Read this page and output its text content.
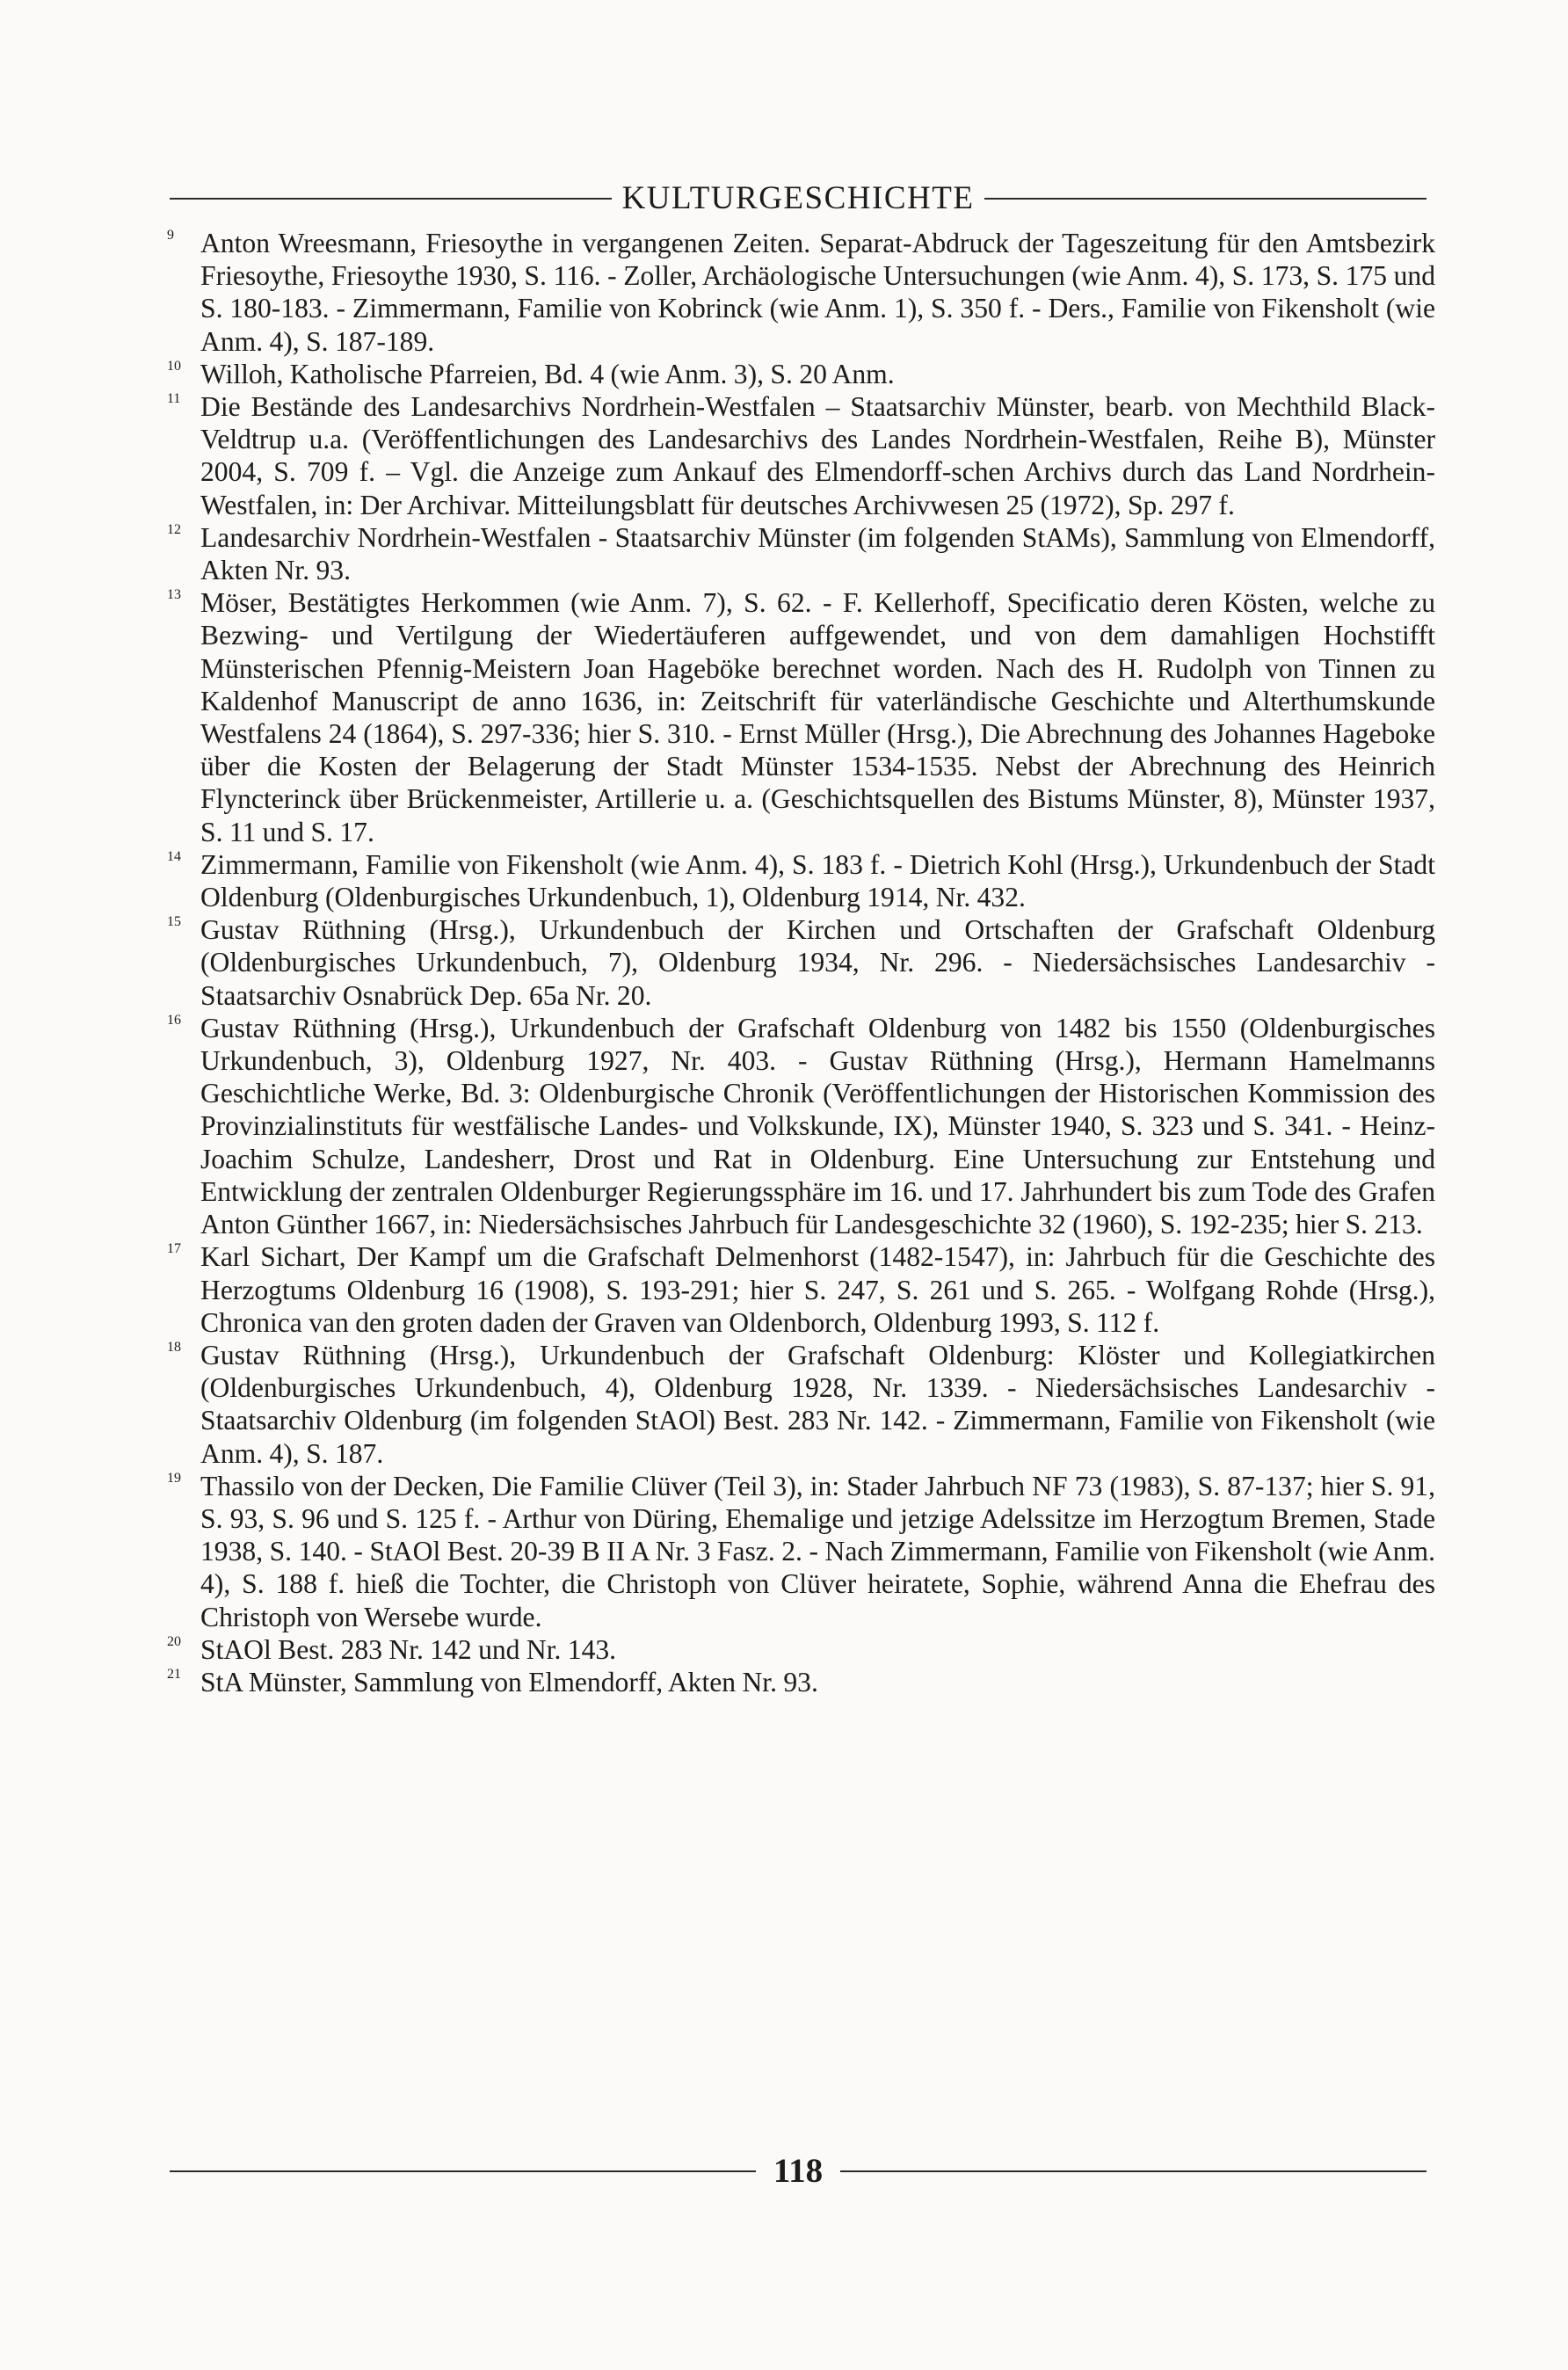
KULTURGESCHICHTE
9 Anton Wreesmann, Friesoythe in vergangenen Zeiten. Separat-Abdruck der Tageszeitung für den Amtsbezirk Friesoythe, Friesoythe 1930, S. 116. - Zoller, Archäologische Untersuchungen (wie Anm. 4), S. 173, S. 175 und S. 180-183. - Zimmermann, Familie von Kobrinck (wie Anm. 1), S. 350 f. - Ders., Familie von Fikensholt (wie Anm. 4), S. 187-189.
10 Willoh, Katholische Pfarreien, Bd. 4 (wie Anm. 3), S. 20 Anm.
11 Die Bestände des Landesarchivs Nordrhein-Westfalen – Staatsarchiv Münster, bearb. von Mechthild Black-Veldtrup u.a. (Veröffentlichungen des Landesarchivs des Landes Nordrhein-Westfalen, Reihe B), Münster 2004, S. 709 f. – Vgl. die Anzeige zum Ankauf des Elmendorff-schen Archivs durch das Land Nordrhein-Westfalen, in: Der Archivar. Mitteilungsblatt für deutsches Archivwesen 25 (1972), Sp. 297 f.
12 Landesarchiv Nordrhein-Westfalen - Staatsarchiv Münster (im folgenden StAMs), Sammlung von Elmendorff, Akten Nr. 93.
13 Möser, Bestätigtes Herkommen (wie Anm. 7), S. 62. - F. Kellerhoff, Specificatio deren Kösten, welche zu Bezwing- und Vertilgung der Wiedertäuferen auffgewendet, und von dem damahligen Hochstifft Münsterischen Pfennig-Meistern Joan Hageböke berechnet worden. Nach des H. Rudolph von Tinnen zu Kaldenhof Manuscript de anno 1636, in: Zeitschrift für vaterländische Geschichte und Alterthumskunde Westfalens 24 (1864), S. 297-336; hier S. 310. - Ernst Müller (Hrsg.), Die Abrechnung des Johannes Hageboke über die Kosten der Belagerung der Stadt Münster 1534-1535. Nebst der Abrechnung des Heinrich Flyncterinck über Brückenmeister, Artillerie u. a. (Geschichtsquellen des Bistums Münster, 8), Münster 1937, S. 11 und S. 17.
14 Zimmermann, Familie von Fikensholt (wie Anm. 4), S. 183 f. - Dietrich Kohl (Hrsg.), Urkundenbuch der Stadt Oldenburg (Oldenburgisches Urkundenbuch, 1), Oldenburg 1914, Nr. 432.
15 Gustav Rüthning (Hrsg.), Urkundenbuch der Kirchen und Ortschaften der Grafschaft Oldenburg (Oldenburgisches Urkundenbuch, 7), Oldenburg 1934, Nr. 296. - Niedersächsisches Landesarchiv - Staatsarchiv Osnabrück Dep. 65a Nr. 20.
16 Gustav Rüthning (Hrsg.), Urkundenbuch der Grafschaft Oldenburg von 1482 bis 1550 (Oldenburgisches Urkundenbuch, 3), Oldenburg 1927, Nr. 403. - Gustav Rüthning (Hrsg.), Hermann Hamelmanns Geschichtliche Werke, Bd. 3: Oldenburgische Chronik (Veröffentlichungen der Historischen Kommission des Provinzialinstituts für westfälische Landes- und Volkskunde, IX), Münster 1940, S. 323 und S. 341. - Heinz-Joachim Schulze, Landesherr, Drost und Rat in Oldenburg. Eine Untersuchung zur Entstehung und Entwicklung der zentralen Oldenburger Regierungssphäre im 16. und 17. Jahrhundert bis zum Tode des Grafen Anton Günther 1667, in: Niedersächsisches Jahrbuch für Landesgeschichte 32 (1960), S. 192-235; hier S. 213.
17 Karl Sichart, Der Kampf um die Grafschaft Delmenhorst (1482-1547), in: Jahrbuch für die Geschichte des Herzogtums Oldenburg 16 (1908), S. 193-291; hier S. 247, S. 261 und S. 265. - Wolfgang Rohde (Hrsg.), Chronica van den groten daden der Graven van Oldenborch, Oldenburg 1993, S. 112 f.
18 Gustav Rüthning (Hrsg.), Urkundenbuch der Grafschaft Oldenburg: Klöster und Kollegiatkirchen (Oldenburgisches Urkundenbuch, 4), Oldenburg 1928, Nr. 1339. - Niedersächsisches Landesarchiv - Staatsarchiv Oldenburg (im folgenden StAOl) Best. 283 Nr. 142. - Zimmermann, Familie von Fikensholt (wie Anm. 4), S. 187.
19 Thassilo von der Decken, Die Familie Clüver (Teil 3), in: Stader Jahrbuch NF 73 (1983), S. 87-137; hier S. 91, S. 93, S. 96 und S. 125 f. - Arthur von Düring, Ehemalige und jetzige Adelssitze im Herzogtum Bremen, Stade 1938, S. 140. - StAOl Best. 20-39 B II A Nr. 3 Fasz. 2. - Nach Zimmermann, Familie von Fikensholt (wie Anm. 4), S. 188 f. hieß die Tochter, die Christoph von Clüver heiratete, Sophie, während Anna die Ehefrau des Christoph von Wersebe wurde.
20 StAOl Best. 283 Nr. 142 und Nr. 143.
21 StA Münster, Sammlung von Elmendorff, Akten Nr. 93.
118
